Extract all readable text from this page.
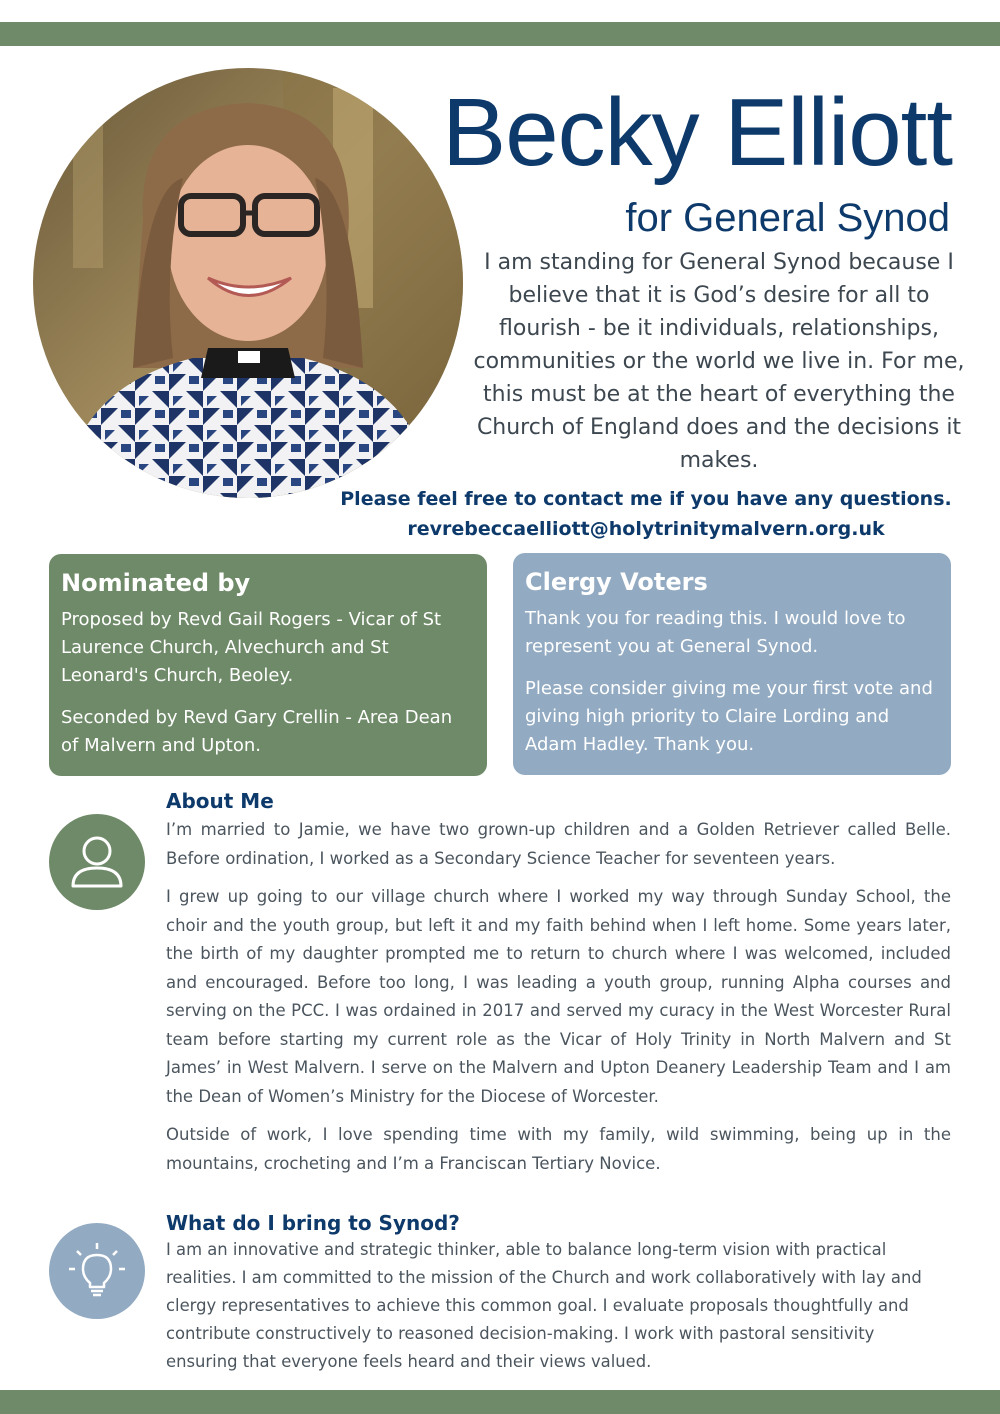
Becky Elliott
for General Synod

I am standing for General Synod because I believe that it is God’s desire for all to flourish - be it individuals, relationships, communities or the world we live in. For me, this must be at the heart of everything the Church of England does and the decisions it makes.

Please feel free to contact me if you have any questions.
revrebeccaelliott@holytrinitymalvern.org.uk
Nominated by

Proposed by Revd Gail Rogers - Vicar of St Laurence Church, Alvechurch and St Leonard's Church, Beoley.

Seconded by Revd Gary Crellin - Area Dean of Malvern and Upton.

Clergy Voters

Thank you for reading this. I would love to represent you at General Synod.

Please consider giving me your first vote and giving high priority to Claire Lording and Adam Hadley. Thank you.

About Me

I’m married to Jamie, we have two grown-up children and a Golden Retriever called Belle. Before ordination, I worked as a Secondary Science Teacher for seventeen years.

I grew up going to our village church where I worked my way through Sunday School, the choir and the youth group, but left it and my faith behind when I left home. Some years later, the birth of my daughter prompted me to return to church where I was welcomed, included and encouraged. Before too long, I was leading a youth group, running Alpha courses and serving on the PCC. I was ordained in 2017 and served my curacy in the West Worcester Rural team before starting my current role as the Vicar of Holy Trinity in North Malvern and St James’ in West Malvern. I serve on the Malvern and Upton Deanery Leadership Team and I am the Dean of Women’s Ministry for the Diocese of Worcester.

Outside of work, I love spending time with my family, wild swimming, being up in the mountains, crocheting and I’m a Franciscan Tertiary Novice.

What do I bring to Synod?

I am an innovative and strategic thinker, able to balance long-term vision with practical realities. I am committed to the mission of the Church and work collaboratively with lay and clergy representatives to achieve this common goal. I evaluate proposals thoughtfully and contribute constructively to reasoned decision-making. I work with pastoral sensitivity ensuring that everyone feels heard and their views valued.
